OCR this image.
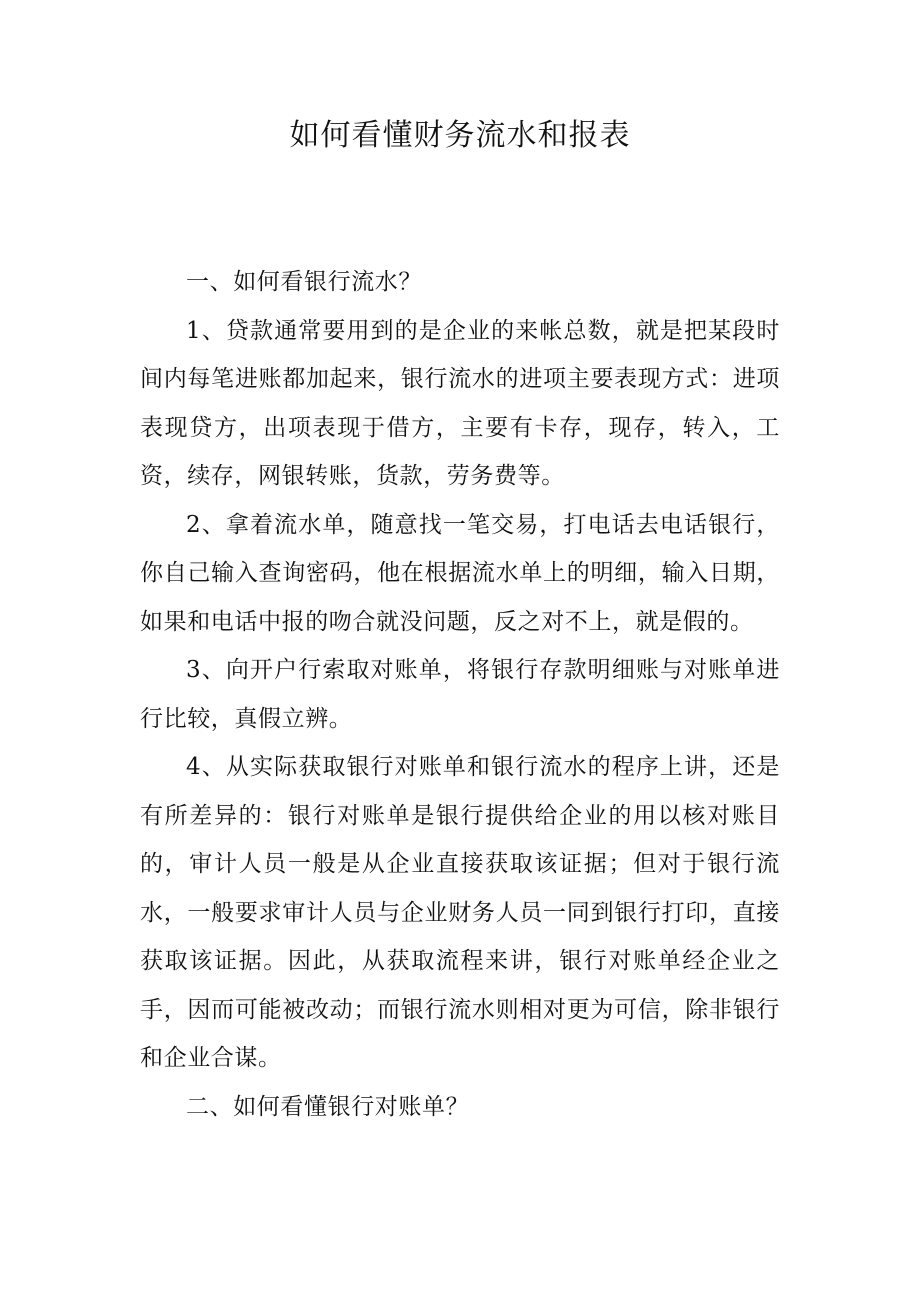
如何看懂财务流水和报表

一、如何看银行流水？

1、贷款通常要用到的是企业的来帐总数，就是把某段时间内每笔进账都加起来，银行流水的进项主要表现方式：进项表现贷方，出项表现于借方，主要有卡存，现存，转入，工资，续存，网银转账，货款，劳务费等。

2、拿着流水单，随意找一笔交易，打电话去电话银行，你自己输入查询密码，他在根据流水单上的明细，输入日期，如果和电话中报的吻合就没问题，反之对不上，就是假的。

3、向开户行索取对账单，将银行存款明细账与对账单进行比较，真假立辨。

4、从实际获取银行对账单和银行流水的程序上讲，还是有所差异的：银行对账单是银行提供给企业的用以核对账目的，审计人员一般是从企业直接获取该证据；但对于银行流水，一般要求审计人员与企业财务人员一同到银行打印，直接获取该证据。因此，从获取流程来讲，银行对账单经企业之手，因而可能被改动；而银行流水则相对更为可信，除非银行和企业合谋。

二、如何看懂银行对账单？
